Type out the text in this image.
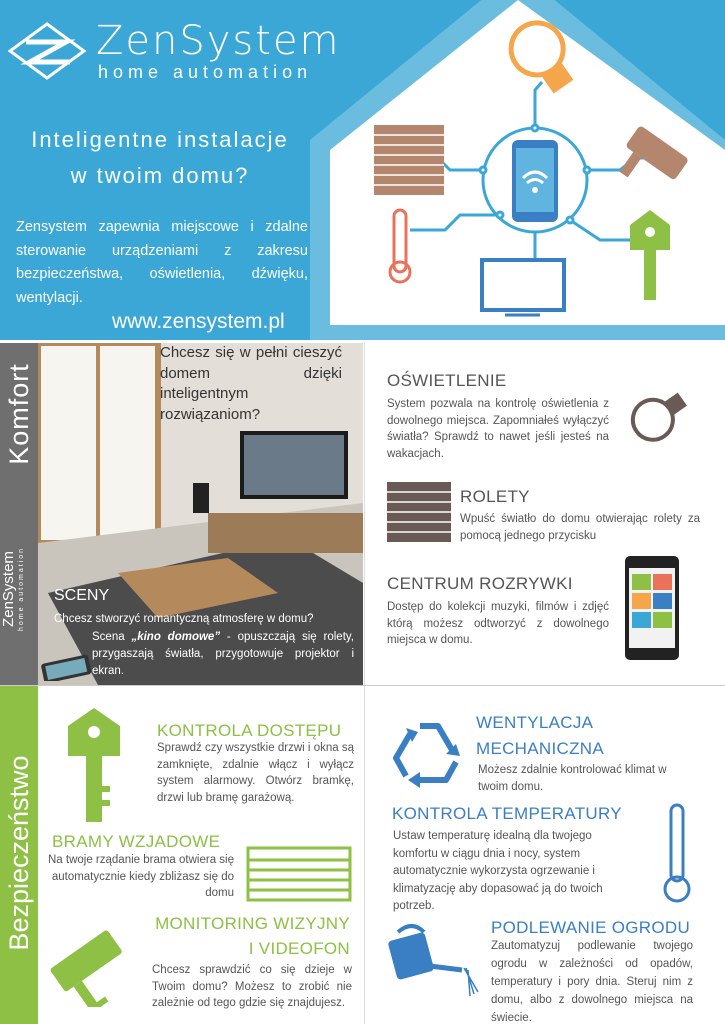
ZenSystem
home automation
Inteligentne instalacje
w twoim domu?
Zensystem zapewnia miejscowe i zdalne sterowanie urządzeniami z zakresu bezpieczeństwa, oświetlenia, dźwięku, wentylacji.
www.zensystem.pl
Komfort
ZenSystem home automation
Chcesz się w pełni cieszyć domem dzięki inteligentnym rozwiązaniom?
SCENY
Chcesz stworzyć romantyczną atmosferę w domu?
Scena „kino domowe” - opuszczają się rolety, przygaszają światła, przygotowuje projektor i ekran.
OŚWIETLENIE
System pozwala na kontrolę oświetlenia z dowolnego miejsca. Zapomniałeś wyłączyć światła? Sprawdź to nawet jeśli jesteś na wakacjach.
ROLETY
Wpuść światło do domu otwierając rolety za pomocą jednego przycisku
CENTRUM ROZRYWKI
Dostęp do kolekcji muzyki, filmów i zdjęć którą możesz odtworzyć z dowolnego miejsca w domu.
Bezpieczeństwo
KONTROLA DOSTĘPU
Sprawdź czy wszystkie drzwi i okna są zamknięte, zdalnie włącz i wyłącz system alarmowy. Otwórz bramkę, drzwi lub bramę garażową.
BRAMY WZJADOWE
Na twoje rządanie brama otwiera się automatycznie kiedy zbliżasz się do domu
MONITORING WIZYJNY
I VIDEOFON
Chcesz sprawdzić co się dzieje w Twoim domu? Możesz to zrobić nie zależnie od tego gdzie się znajdujesz.
WENTYLACJA
MECHANICZNA
Możesz zdalnie kontrolować klimat w twoim domu.
KONTROLA TEMPERATURY
Ustaw temperaturę idealną dla twojego komfortu w ciągu dnia i nocy, system automatycznie wykorzysta ogrzewanie i klimatyzację aby dopasować ją do twoich potrzeb.
PODLEWANIE OGRODU
Zautomatyzuj podlewanie twojego ogrodu w zależności od opadów, temperatury i pory dnia. Steruj nim z domu, albo z dowolnego miejsca na świecie.
